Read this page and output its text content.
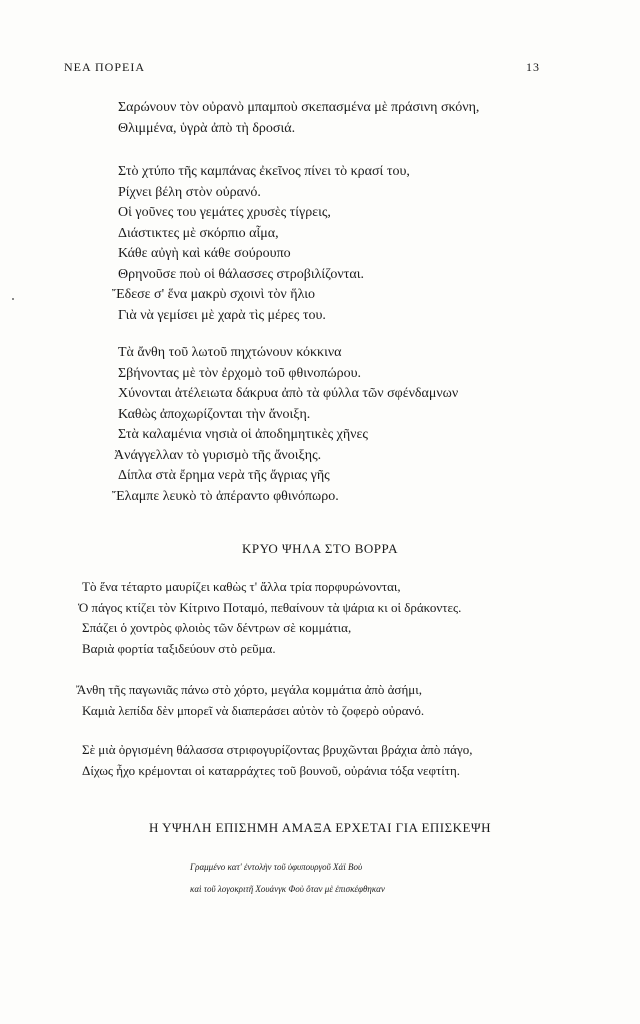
ΝΕΑ ΠΟΡΕΙΑ	13
Σαρώνουν τὸν οὐρανὸ μπαμποὺ σκεπασμένα μὲ πράσινη σκόνη,
Θλιμμένα, ὑγρὰ ἀπὸ τὴ δροσιά.
Στὸ χτύπο τῆς καμπάνας ἐκεῖνος πίνει τὸ κρασί του,
Ρίχνει βέλη στὸν οὐρανό.
Οἱ γοῦνες του γεμάτες χρυσὲς τίγρεις,
Διάστικτες μὲ σκόρπιο αἷμα,
Κάθε αὐγὴ καὶ κάθε σούρουπο
Θρηνοῦσε ποὺ οἱ θάλασσες στροβιλίζονται.
Ἔδεσε σ' ἕνα μακρὺ σχοινὶ τὸν ἥλιο
Γιὰ νὰ γεμίσει μὲ χαρὰ τὶς μέρες του.
Τὰ ἄνθη τοῦ λωτοῦ πηχτώνουν κόκκινα
Σβήνοντας μὲ τὸν ἐρχομὸ τοῦ φθινοπώρου.
Χύνονται ἀτέλειωτα δάκρυα ἀπὸ τὰ φύλλα τῶν σφένδαμνων
Καθὼς ἀποχωρίζονται τὴν ἄνοιξη.
Στὰ καλαμένια νησιὰ οἱ ἀποδημητικὲς χῆνες
Ἀνάγγελλαν τὸ γυρισμὸ τῆς ἄνοιξης.
Δίπλα στὰ ἔρημα νερὰ τῆς ἄγριας γῆς
Ἔλαμπε λευκὸ τὸ ἀπέραντο φθινόπωρο.
ΚΡΥΟ ΨΗΛΑ ΣΤΟ ΒΟΡΡΑ
Τὸ ἕνα τέταρτο μαυρίζει καθὼς τ' ἄλλα τρία πορφυρώνονται,
Ὁ πάγος κτίζει τὸν Κίτρινο Ποταμό, πεθαίνουν τὰ ψάρια κι οἱ δράκοντες.
Σπάζει ὁ χοντρὸς φλοιὸς τῶν δέντρων σὲ κομμάτια,
Βαριὰ φορτία ταξιδεύουν στὸ ρεῦμα.
Ἄνθη τῆς παγωνιᾶς πάνω στὸ χόρτο, μεγάλα κομμάτια ἀπὸ ἀσήμι,
Καμιὰ λεπίδα δὲν μπορεῖ νὰ διαπεράσει αὐτὸν τὸ ζοφερὸ οὐρανό.
Σὲ μιὰ ὀργισμένη θάλασσα στριφογυρίζοντας βρυχῶνται βράχια ἀπὸ πάγο,
Δίχως ἦχο κρέμονται οἱ καταρράχτες τοῦ βουνοῦ, οὐράνια τόξα νεφτίτη.
Η ΥΨΗΛΗ ΕΠΙΣΗΜΗ ΑΜΑΞΑ ΕΡΧΕΤΑΙ ΓΙΑ ΕΠΙΣΚΕΨΗ
Γραμμένο κατ' ἐντολὴν τοῦ ὑφυπουργοῦ Χάϊ Βοὺ
καὶ τοῦ λογοκριτῆ Χουάνγκ Φοὺ ὅταν μὲ ἐπισκέφθηκαν
